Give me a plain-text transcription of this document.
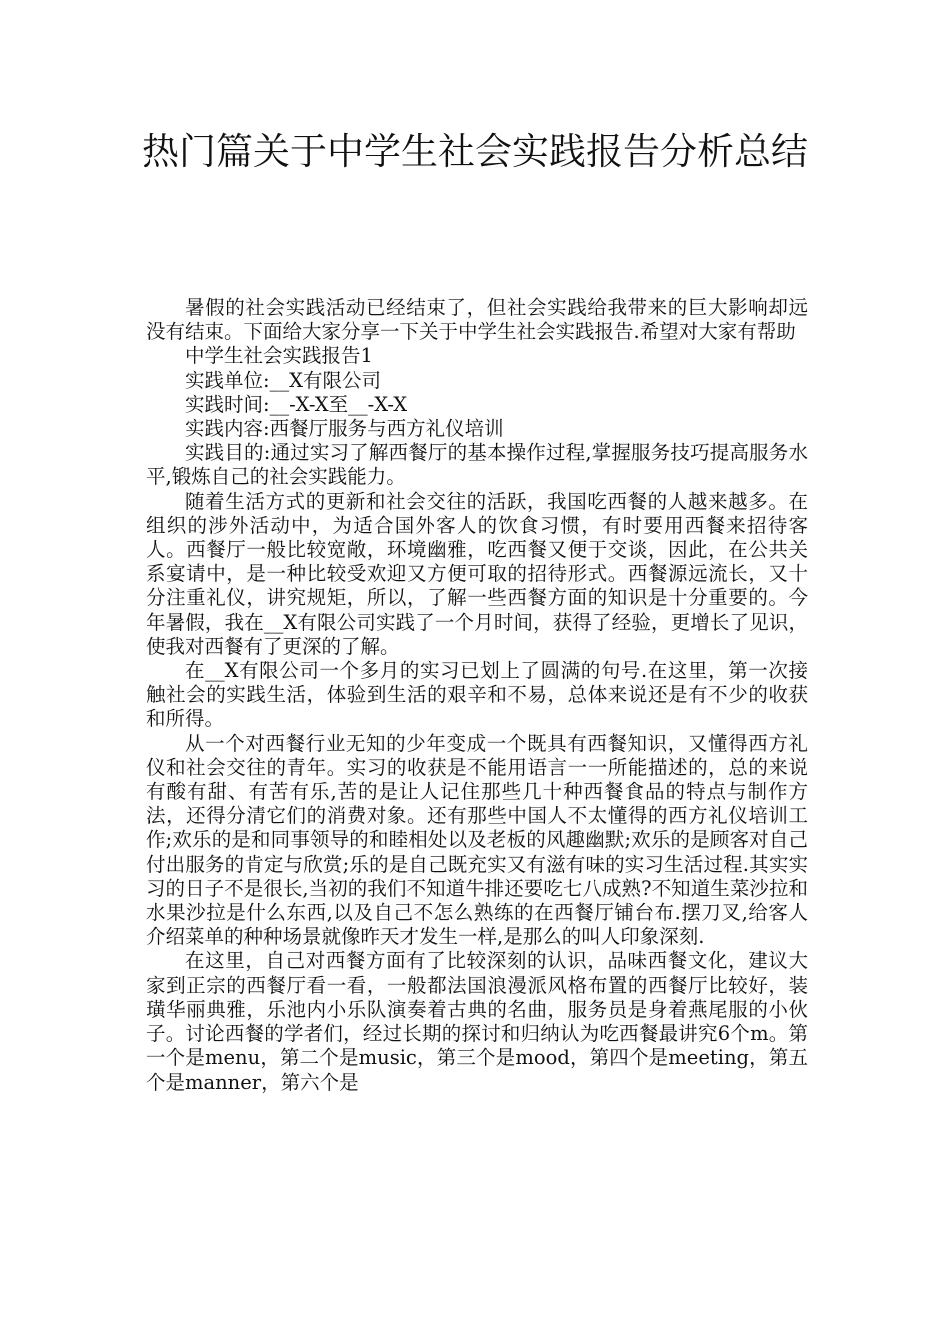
热门篇关于中学生社会实践报告分析总结

暑假的社会实践活动已经结束了，但社会实践给我带来的巨大影响却远没有结束。下面给大家分享一下关于中学生社会实践报告.希望对大家有帮助

中学生社会实践报告1

实践单位:__X有限公司

实践时间:__-X-X至__-X-X

实践内容:西餐厅服务与西方礼仪培训

实践目的:通过实习了解西餐厅的基本操作过程,掌握服务技巧提高服务水平,锻炼自己的社会实践能力。

随着生活方式的更新和社会交往的活跃，我国吃西餐的人越来越多。在组织的涉外活动中，为适合国外客人的饮食习惯，有时要用西餐来招待客人。西餐厅一般比较宽敞，环境幽雅，吃西餐又便于交谈，因此，在公共关系宴请中，是一种比较受欢迎又方便可取的招待形式。西餐源远流长，又十分注重礼仪，讲究规矩，所以，了解一些西餐方面的知识是十分重要的。今年暑假，我在__X有限公司实践了一个月时间，获得了经验，更增长了见识，使我对西餐有了更深的了解。

在__X有限公司一个多月的实习已划上了圆满的句号.在这里，第一次接触社会的实践生活，体验到生活的艰辛和不易，总体来说还是有不少的收获和所得。

从一个对西餐行业无知的少年变成一个既具有西餐知识，又懂得西方礼仪和社会交往的青年。实习的收获是不能用语言一一所能描述的，总的来说有酸有甜、有苦有乐,苦的是让人记住那些几十种西餐食品的特点与制作方法，还得分清它们的消费对象。还有那些中国人不太懂得的西方礼仪培训工作;欢乐的是和同事领导的和睦相处以及老板的风趣幽默;欢乐的是顾客对自己付出服务的肯定与欣赏;乐的是自己既充实又有滋有味的实习生活过程.其实实习的日子不是很长,当初的我们不知道牛排还要吃七八成熟?不知道生菜沙拉和水果沙拉是什么东西,以及自己不怎么熟练的在西餐厅铺台布.摆刀叉,给客人介绍菜单的种种场景就像昨天才发生一样,是那么的叫人印象深刻.

在这里，自己对西餐方面有了比较深刻的认识，品味西餐文化，建议大家到正宗的西餐厅看一看，一般都法国浪漫派风格布置的西餐厅比较好，装璜华丽典雅，乐池内小乐队演奏着古典的名曲，服务员是身着燕尾服的小伙子。讨论西餐的学者们，经过长期的探讨和归纳认为吃西餐最讲究6个m。第一个是menu，第二个是music，第三个是mood，第四个是meeting，第五个是manner，第六个是
